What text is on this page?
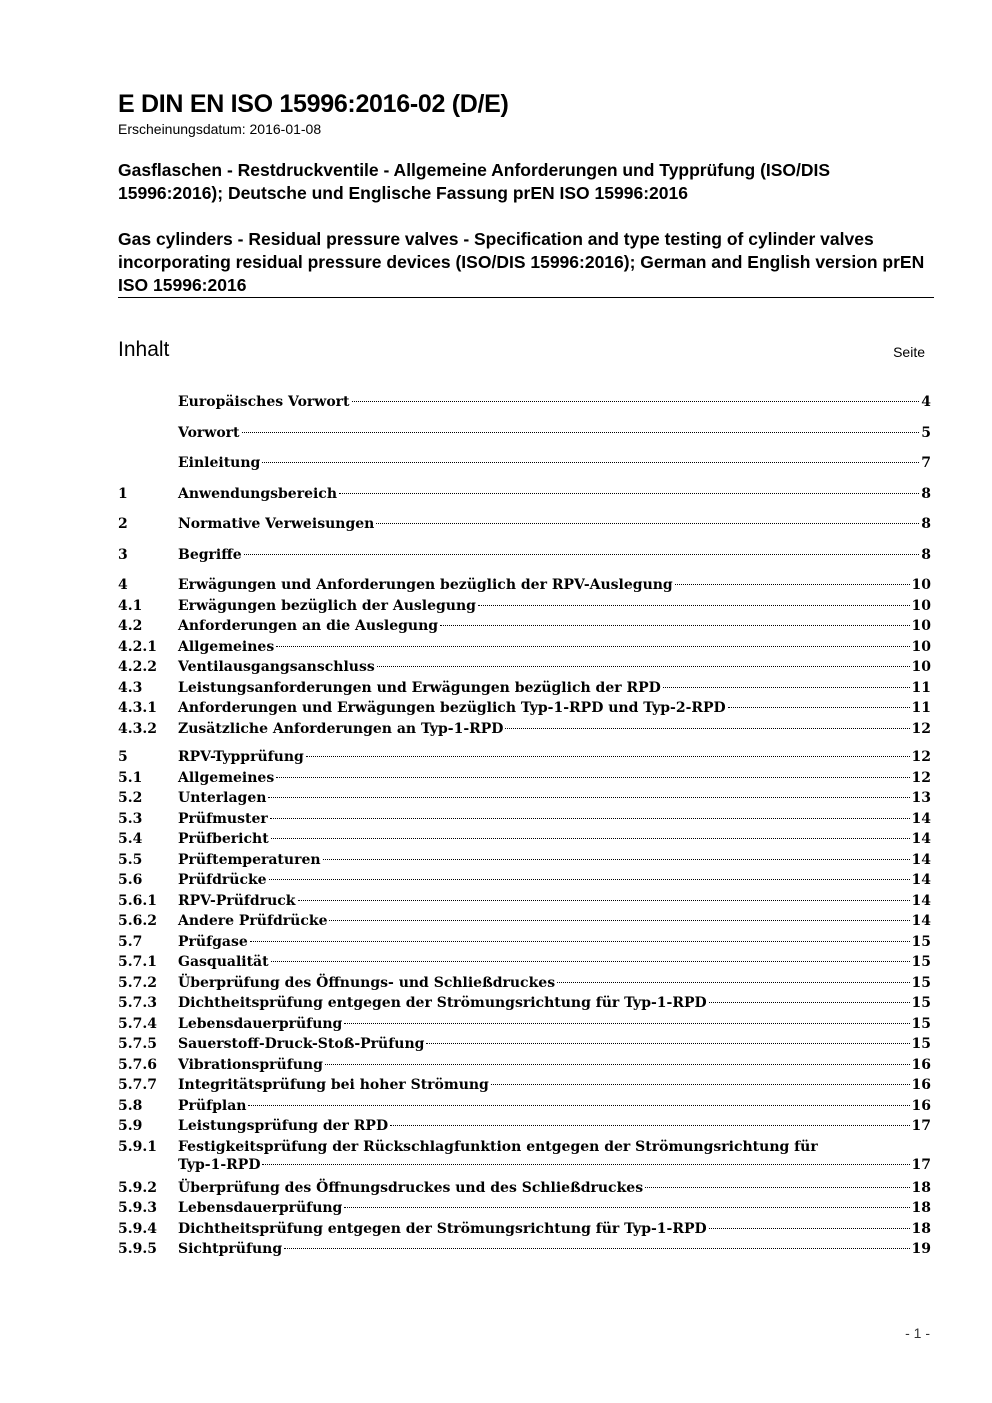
E DIN EN ISO 15996:2016-02 (D/E)
Erscheinungsdatum: 2016-01-08
Gasflaschen - Restdruckventile - Allgemeine Anforderungen und Typprüfung (ISO/DIS 15996:2016); Deutsche und Englische Fassung prEN ISO 15996:2016
Gas cylinders - Residual pressure valves - Specification and type testing of cylinder valves incorporating residual pressure devices (ISO/DIS 15996:2016); German and English version prEN ISO 15996:2016
Inhalt	Seite
Europäisches Vorwort	4
Vorwort	5
Einleitung	7
1	Anwendungsbereich	8
2	Normative Verweisungen	8
3	Begriffe	8
4	Erwägungen und Anforderungen bezüglich der RPV-Auslegung	10
4.1	Erwägungen bezüglich der Auslegung	10
4.2	Anforderungen an die Auslegung	10
4.2.1	Allgemeines	10
4.2.2	Ventilausgangsanschluss	10
4.3	Leistungsanforderungen und Erwägungen bezüglich der RPD	11
4.3.1	Anforderungen und Erwägungen bezüglich Typ-1-RPD und Typ-2-RPD	11
4.3.2	Zusätzliche Anforderungen an Typ-1-RPD	12
5	RPV-Typprüfung	12
5.1	Allgemeines	12
5.2	Unterlagen	13
5.3	Prüfmuster	14
5.4	Prüfbericht	14
5.5	Prüftemperaturen	14
5.6	Prüfdrücke	14
5.6.1	RPV-Prüfdruck	14
5.6.2	Andere Prüfdrücke	14
5.7	Prüfgase	15
5.7.1	Gasqualität	15
5.7.2	Überprüfung des Öffnungs- und Schließdruckes	15
5.7.3	Dichtheitsprüfung entgegen der Strömungsrichtung für Typ-1-RPD	15
5.7.4	Lebensdauerprüfung	15
5.7.5	Sauerstoff-Druck-Stoß-Prüfung	15
5.7.6	Vibrationsprüfung	16
5.7.7	Integritätsprüfung bei hoher Strömung	16
5.8	Prüfplan	16
5.9	Leistungsprüfung der RPD	17
5.9.1	Festigkeitsprüfung der Rückschlagfunktion entgegen der Strömungsrichtung für
Typ-1-RPD	17
5.9.2	Überprüfung des Öffnungsdruckes und des Schließdruckes	18
5.9.3	Lebensdauerprüfung	18
5.9.4	Dichtheitsprüfung entgegen der Strömungsrichtung für Typ-1-RPD	18
5.9.5	Sichtprüfung	19
- 1 -
